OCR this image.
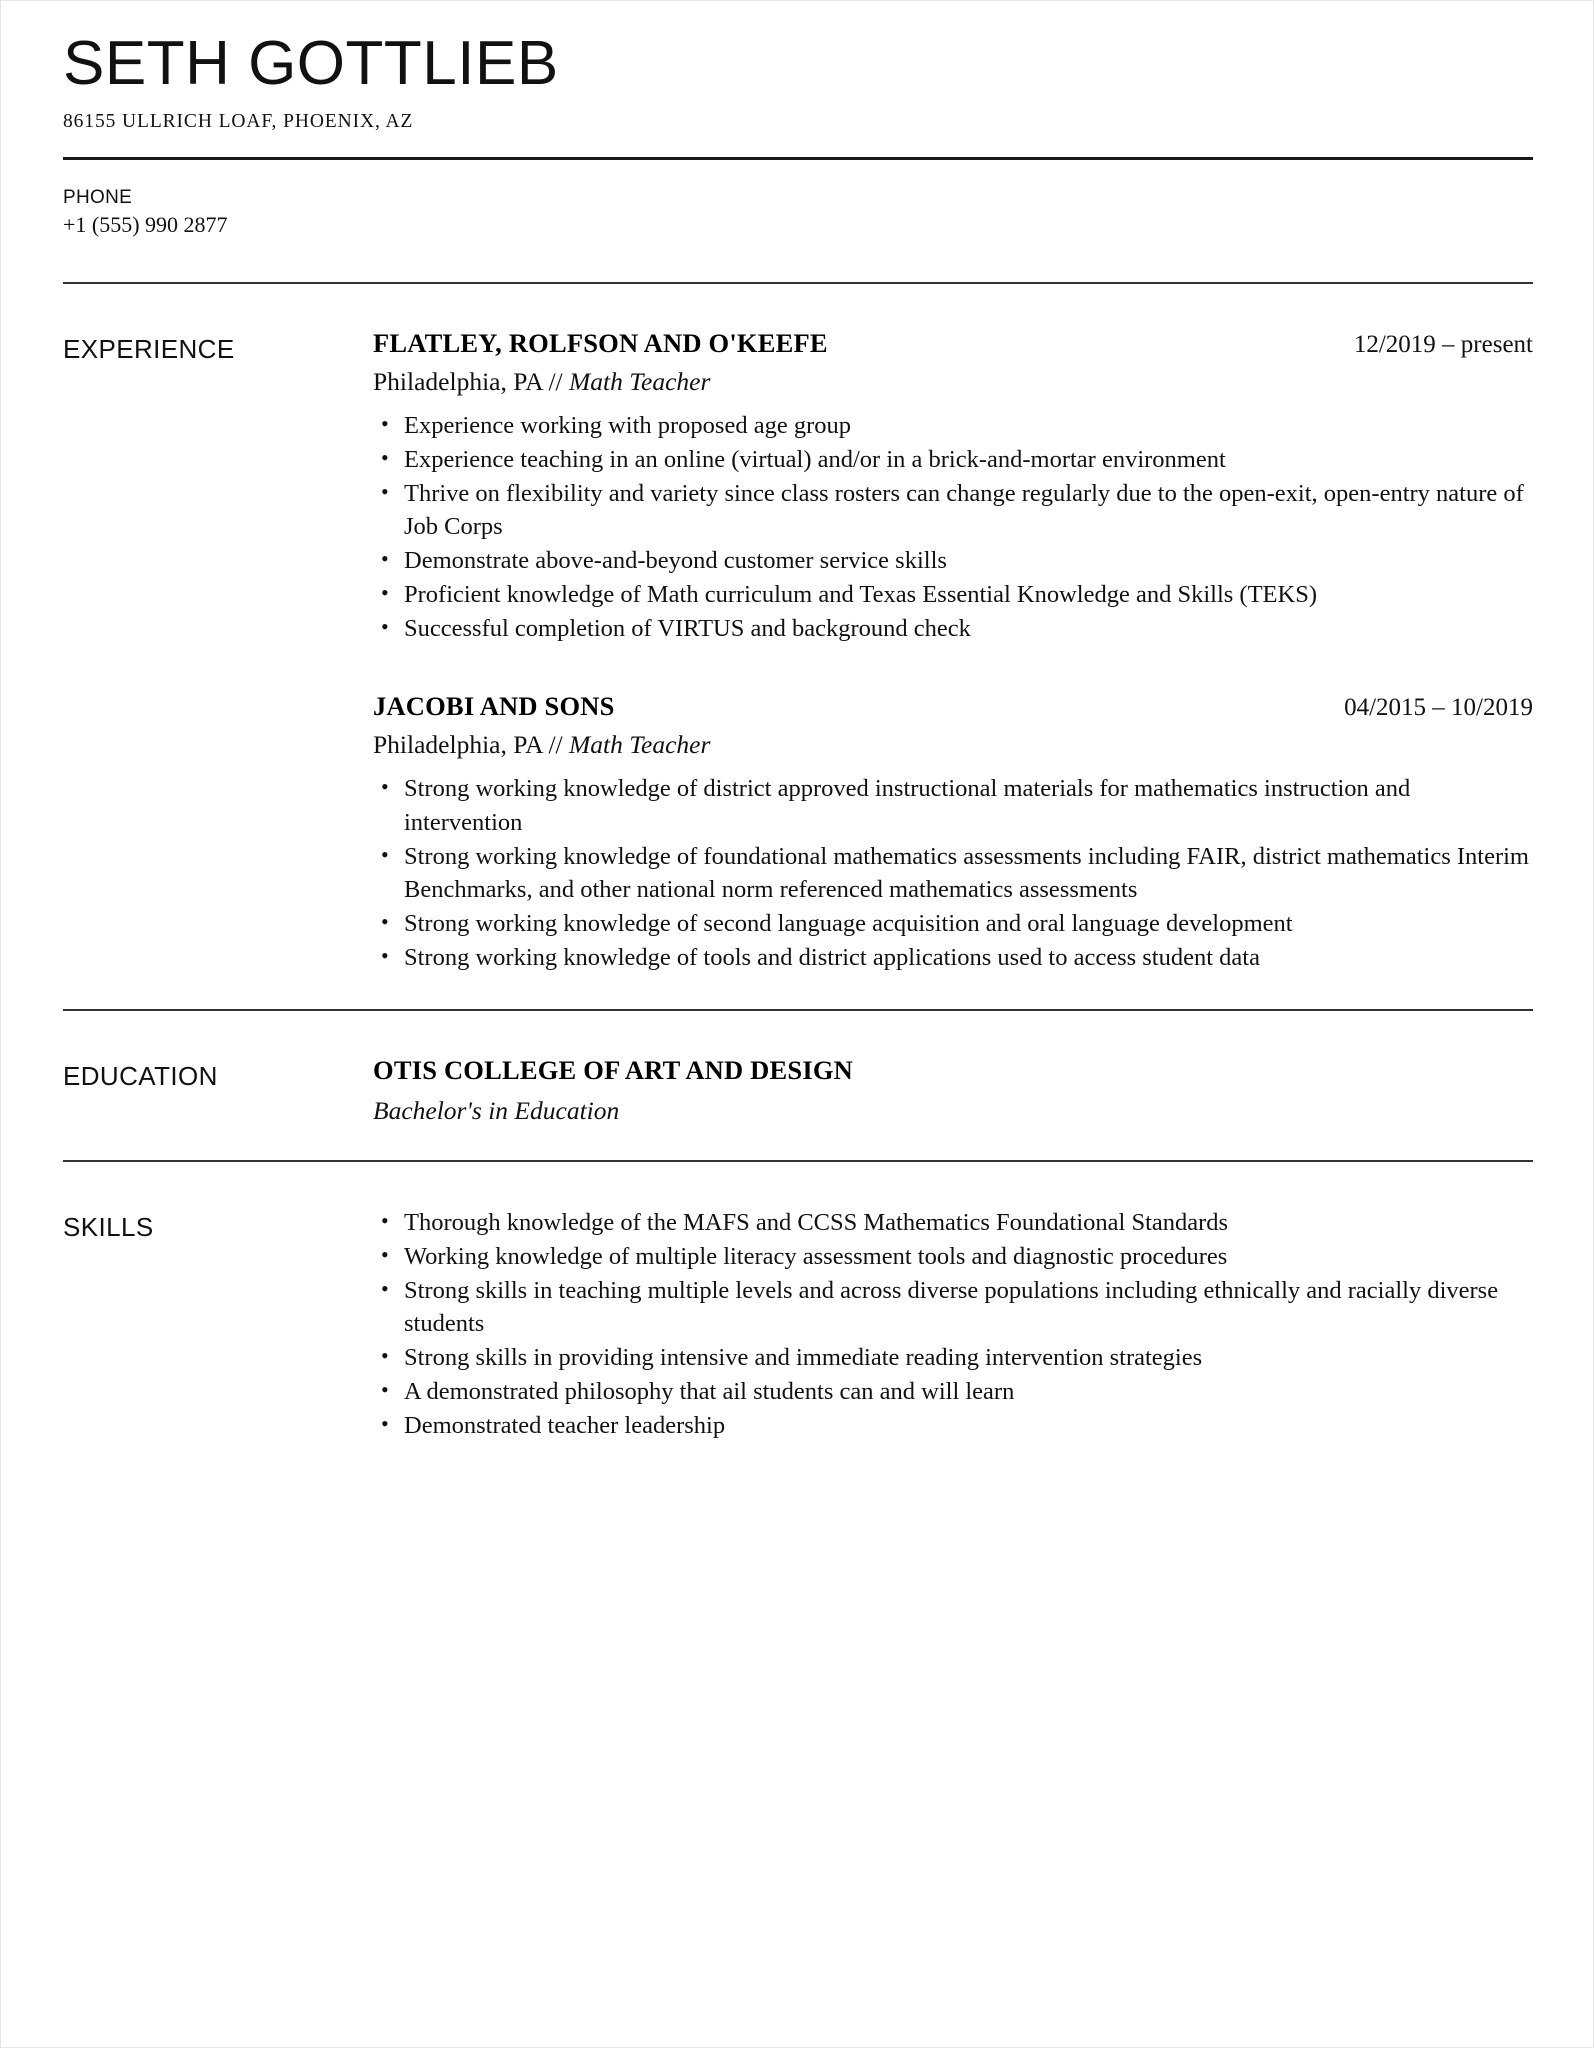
SETH GOTTLIEB
86155 ULLRICH LOAF, PHOENIX, AZ
PHONE
+1 (555) 990 2877
EXPERIENCE	FLATLEY, ROLFSON AND O'KEEFE	12/2019 – present
Philadelphia, PA // Math Teacher
• Experience working with proposed age group
• Experience teaching in an online (virtual) and/or in a brick-and-mortar environment
• Thrive on flexibility and variety since class rosters can change regularly due to the open-exit, open-entry nature of Job Corps
• Demonstrate above-and-beyond customer service skills
• Proficient knowledge of Math curriculum and Texas Essential Knowledge and Skills (TEKS)
• Successful completion of VIRTUS and background check
JACOBI AND SONS	04/2015 – 10/2019
Philadelphia, PA // Math Teacher
• Strong working knowledge of district approved instructional materials for mathematics instruction and intervention
• Strong working knowledge of foundational mathematics assessments including FAIR, district mathematics Interim Benchmarks, and other national norm referenced mathematics assessments
• Strong working knowledge of second language acquisition and oral language development
• Strong working knowledge of tools and district applications used to access student data
EDUCATION	OTIS COLLEGE OF ART AND DESIGN
Bachelor's in Education
SKILLS	• Thorough knowledge of the MAFS and CCSS Mathematics Foundational Standards
• Working knowledge of multiple literacy assessment tools and diagnostic procedures
• Strong skills in teaching multiple levels and across diverse populations including ethnically and racially diverse students
• Strong skills in providing intensive and immediate reading intervention strategies
• A demonstrated philosophy that ail students can and will learn
• Demonstrated teacher leadership
